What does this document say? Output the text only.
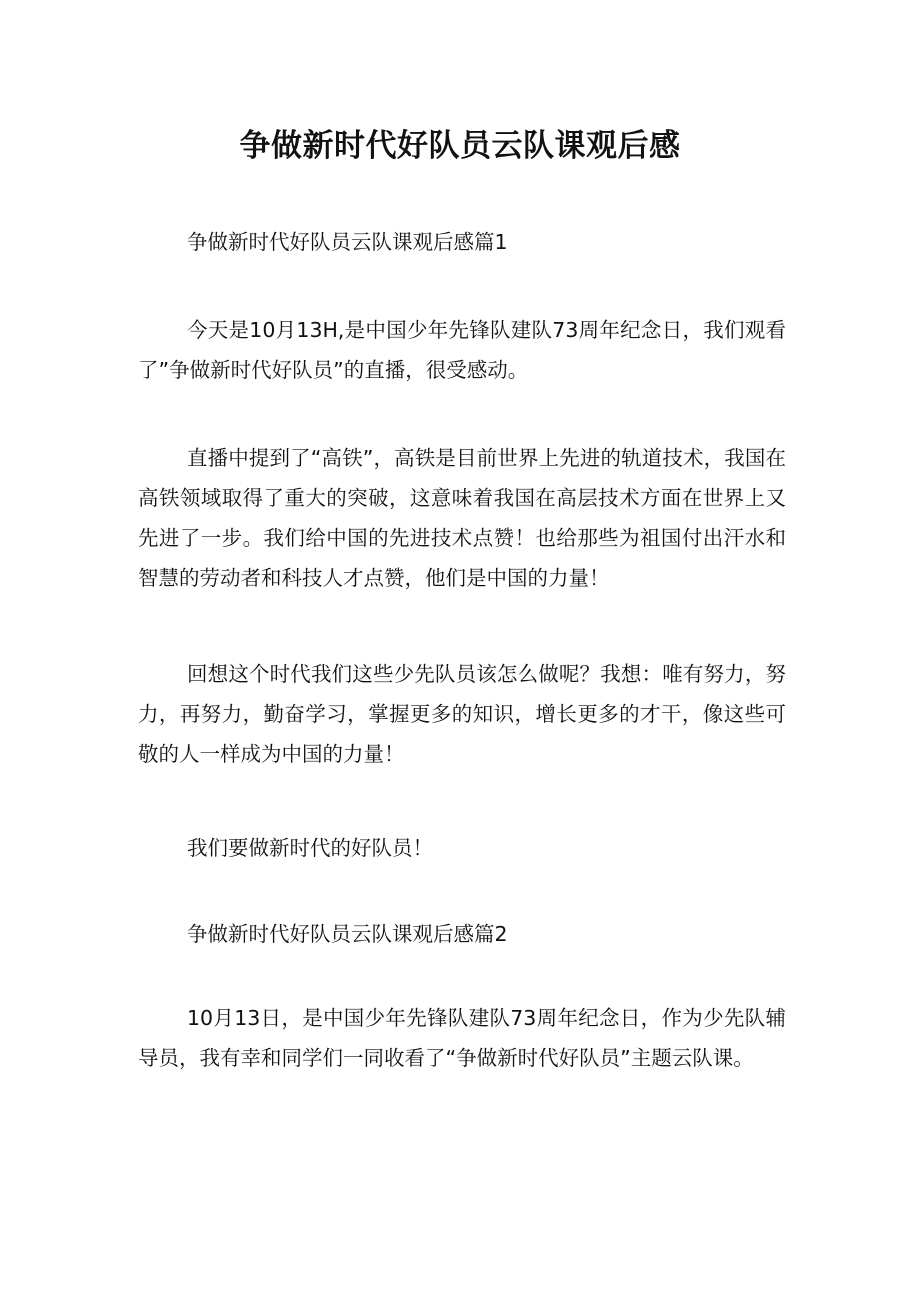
争做新时代好队员云队课观后感

争做新时代好队员云队课观后感篇1

今天是10月13H,是中国少年先锋队建队73周年纪念日，我们观看了”争做新时代好队员”的直播，很受感动。

直播中提到了“高铁”，高铁是目前世界上先进的轨道技术，我国在高铁领域取得了重大的突破，这意味着我国在高层技术方面在世界上又先进了一步。我们给中国的先进技术点赞！也给那些为祖国付出汗水和智慧的劳动者和科技人才点赞，他们是中国的力量！

回想这个时代我们这些少先队员该怎么做呢？我想：唯有努力，努力，再努力，勤奋学习，掌握更多的知识，增长更多的才干，像这些可敬的人一样成为中国的力量！

我们要做新时代的好队员！

争做新时代好队员云队课观后感篇2

10月13日，是中国少年先锋队建队73周年纪念日，作为少先队辅导员，我有幸和同学们一同收看了“争做新时代好队员”主题云队课。
